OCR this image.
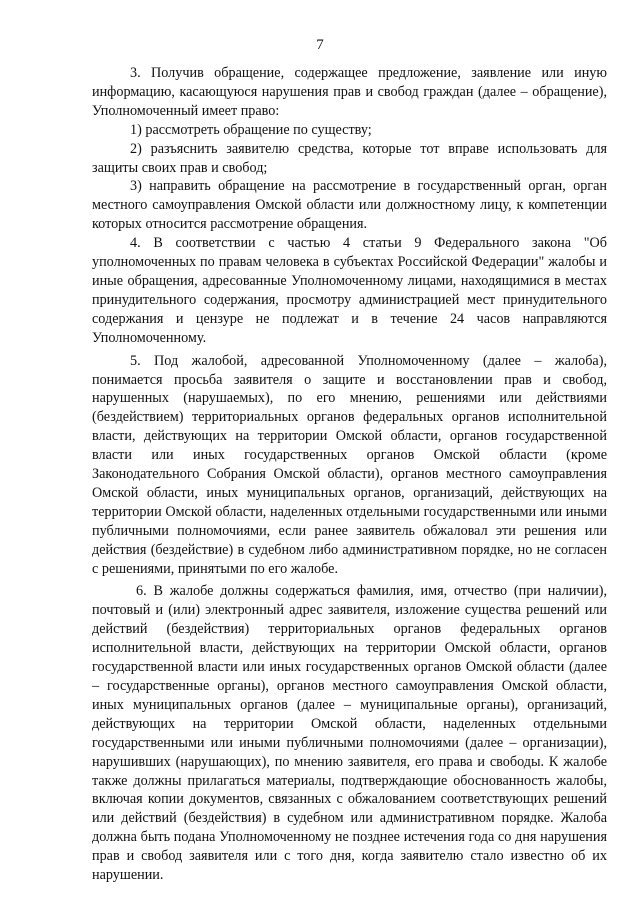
7

3. Получив обращение, содержащее предложение, заявление или иную информацию, касающуюся нарушения прав и свобод граждан (далее – обращение), Уполномоченный имеет право:

1) рассмотреть обращение по существу;

2) разъяснить заявителю средства, которые тот вправе использовать для защиты своих прав и свобод;

3) направить обращение на рассмотрение в государственный орган, орган местного самоуправления Омской области или должностному лицу, к компетенции которых относится рассмотрение обращения.

4. В соответствии с частью 4 статьи 9 Федерального закона "Об уполномоченных по правам человека в субъектах Российской Федерации" жалобы и иные обращения, адресованные Уполномоченному лицами, находящимися в местах принудительного содержания, просмотру администрацией мест принудительного содержания и цензуре не подлежат и в течение 24 часов направляются Уполномоченному.

5. Под жалобой, адресованной Уполномоченному (далее – жалоба), понимается просьба заявителя о защите и восстановлении прав и свобод, нарушенных (нарушаемых), по его мнению, решениями или действиями (бездействием) территориальных органов федеральных органов исполнительной власти, действующих на территории Омской области, органов государственной власти или иных государственных органов Омской области (кроме Законодательного Собрания Омской области), органов местного самоуправления Омской области, иных муниципальных органов, организаций, действующих на территории Омской области, наделенных отдельными государственными или иными публичными полномочиями, если ранее заявитель обжаловал эти решения или действия (бездействие) в судебном либо административном порядке, но не согласен с решениями, принятыми по его жалобе.

6. В жалобе должны содержаться фамилия, имя, отчество (при наличии), почтовый и (или) электронный адрес заявителя, изложение существа решений или действий (бездействия) территориальных органов федеральных органов исполнительной власти, действующих на территории Омской области, органов государственной власти или иных государственных органов Омской области (далее – государственные органы), органов местного самоуправления Омской области, иных муниципальных органов (далее – муниципальные органы), организаций, действующих на территории Омской области, наделенных отдельными государственными или иными публичными полномочиями (далее – организации), нарушивших (нарушающих), по мнению заявителя, его права и свободы. К жалобе также должны прилагаться материалы, подтверждающие обоснованность жалобы, включая копии документов, связанных с обжалованием соответствующих решений или действий (бездействия) в судебном или административном порядке. Жалоба должна быть подана Уполномоченному не позднее истечения года со дня нарушения прав и свобод заявителя или с того дня, когда заявителю стало известно об их нарушении.
